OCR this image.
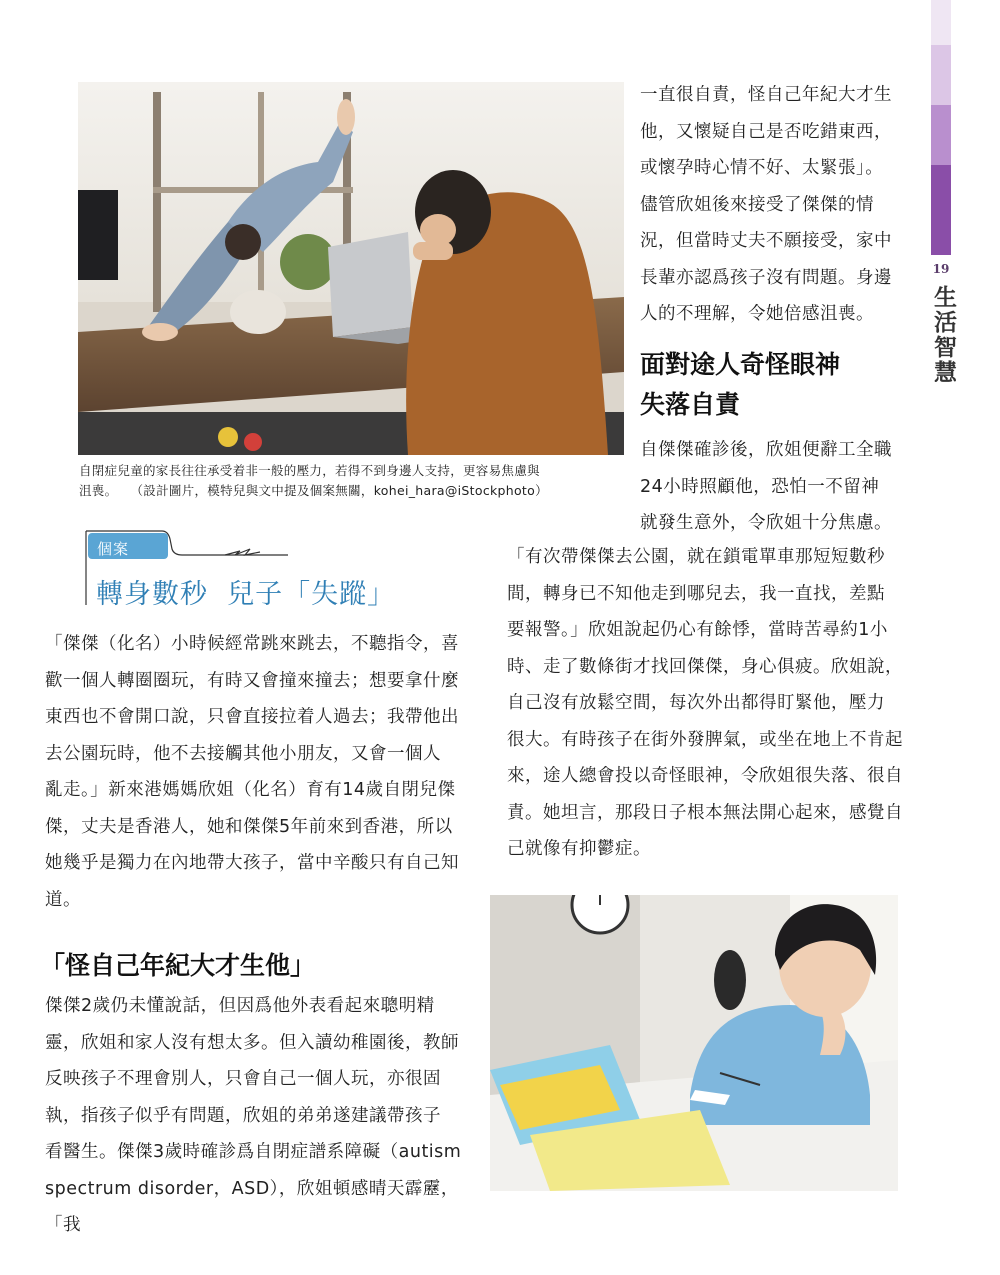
19
生活智慧
自閉症兒童的家長往往承受着非一般的壓力，若得不到身邊人支持，更容易焦慮與
沮喪。　　（設計圖片，模特兒與文中提及個案無關，kohei_hara@iStockphoto）
個案
轉身數秒  兒子「失蹤」

「傑傑（化名）小時候經常跳來跳去，不聽指令，喜

歡一個人轉圈圈玩，有時又會撞來撞去；想要拿什麼

東西也不會開口說，只會直接拉着人過去；我帶他出

去公園玩時，他不去接觸其他小朋友，又會一個人

亂走。」新來港媽媽欣姐（化名）育有14歲自閉兒傑

傑，丈夫是香港人，她和傑傑5年前來到香港，所以

她幾乎是獨力在內地帶大孩子，當中辛酸只有自己知

道。

「怪自己年紀大才生他」

傑傑2歲仍未懂說話，但因爲他外表看起來聰明精

靈，欣姐和家人沒有想太多。但入讀幼稚園後，教師

反映孩子不理會別人，只會自己一個人玩，亦很固

執，指孩子似乎有問題，欣姐的弟弟遂建議帶孩子

看醫生。傑傑3歲時確診爲自閉症譜系障礙（autism

spectrum disorder，ASD），欣姐頓感晴天霹靂，「我

一直很自責，怪自己年紀大才生

他，又懷疑自己是否吃錯東西，

或懷孕時心情不好、太緊張」。

儘管欣姐後來接受了傑傑的情

況，但當時丈夫不願接受，家中

長輩亦認爲孩子沒有問題。身邊

人的不理解，令她倍感沮喪。

面對途人奇怪眼神
失落自責

自傑傑確診後，欣姐便辭工全職

24小時照顧他，恐怕一不留神

就發生意外，令欣姐十分焦慮。

「有次帶傑傑去公園，就在鎖電單車那短短數秒

間，轉身已不知他走到哪兒去，我一直找，差點

要報警。」欣姐說起仍心有餘悸，當時苦尋約1小

時、走了數條街才找回傑傑，身心俱疲。欣姐說，

自己沒有放鬆空間，每次外出都得盯緊他，壓力

很大。有時孩子在街外發脾氣，或坐在地上不肯起

來，途人總會投以奇怪眼神，令欣姐很失落、很自

責。她坦言，那段日子根本無法開心起來，感覺自

己就像有抑鬱症。
